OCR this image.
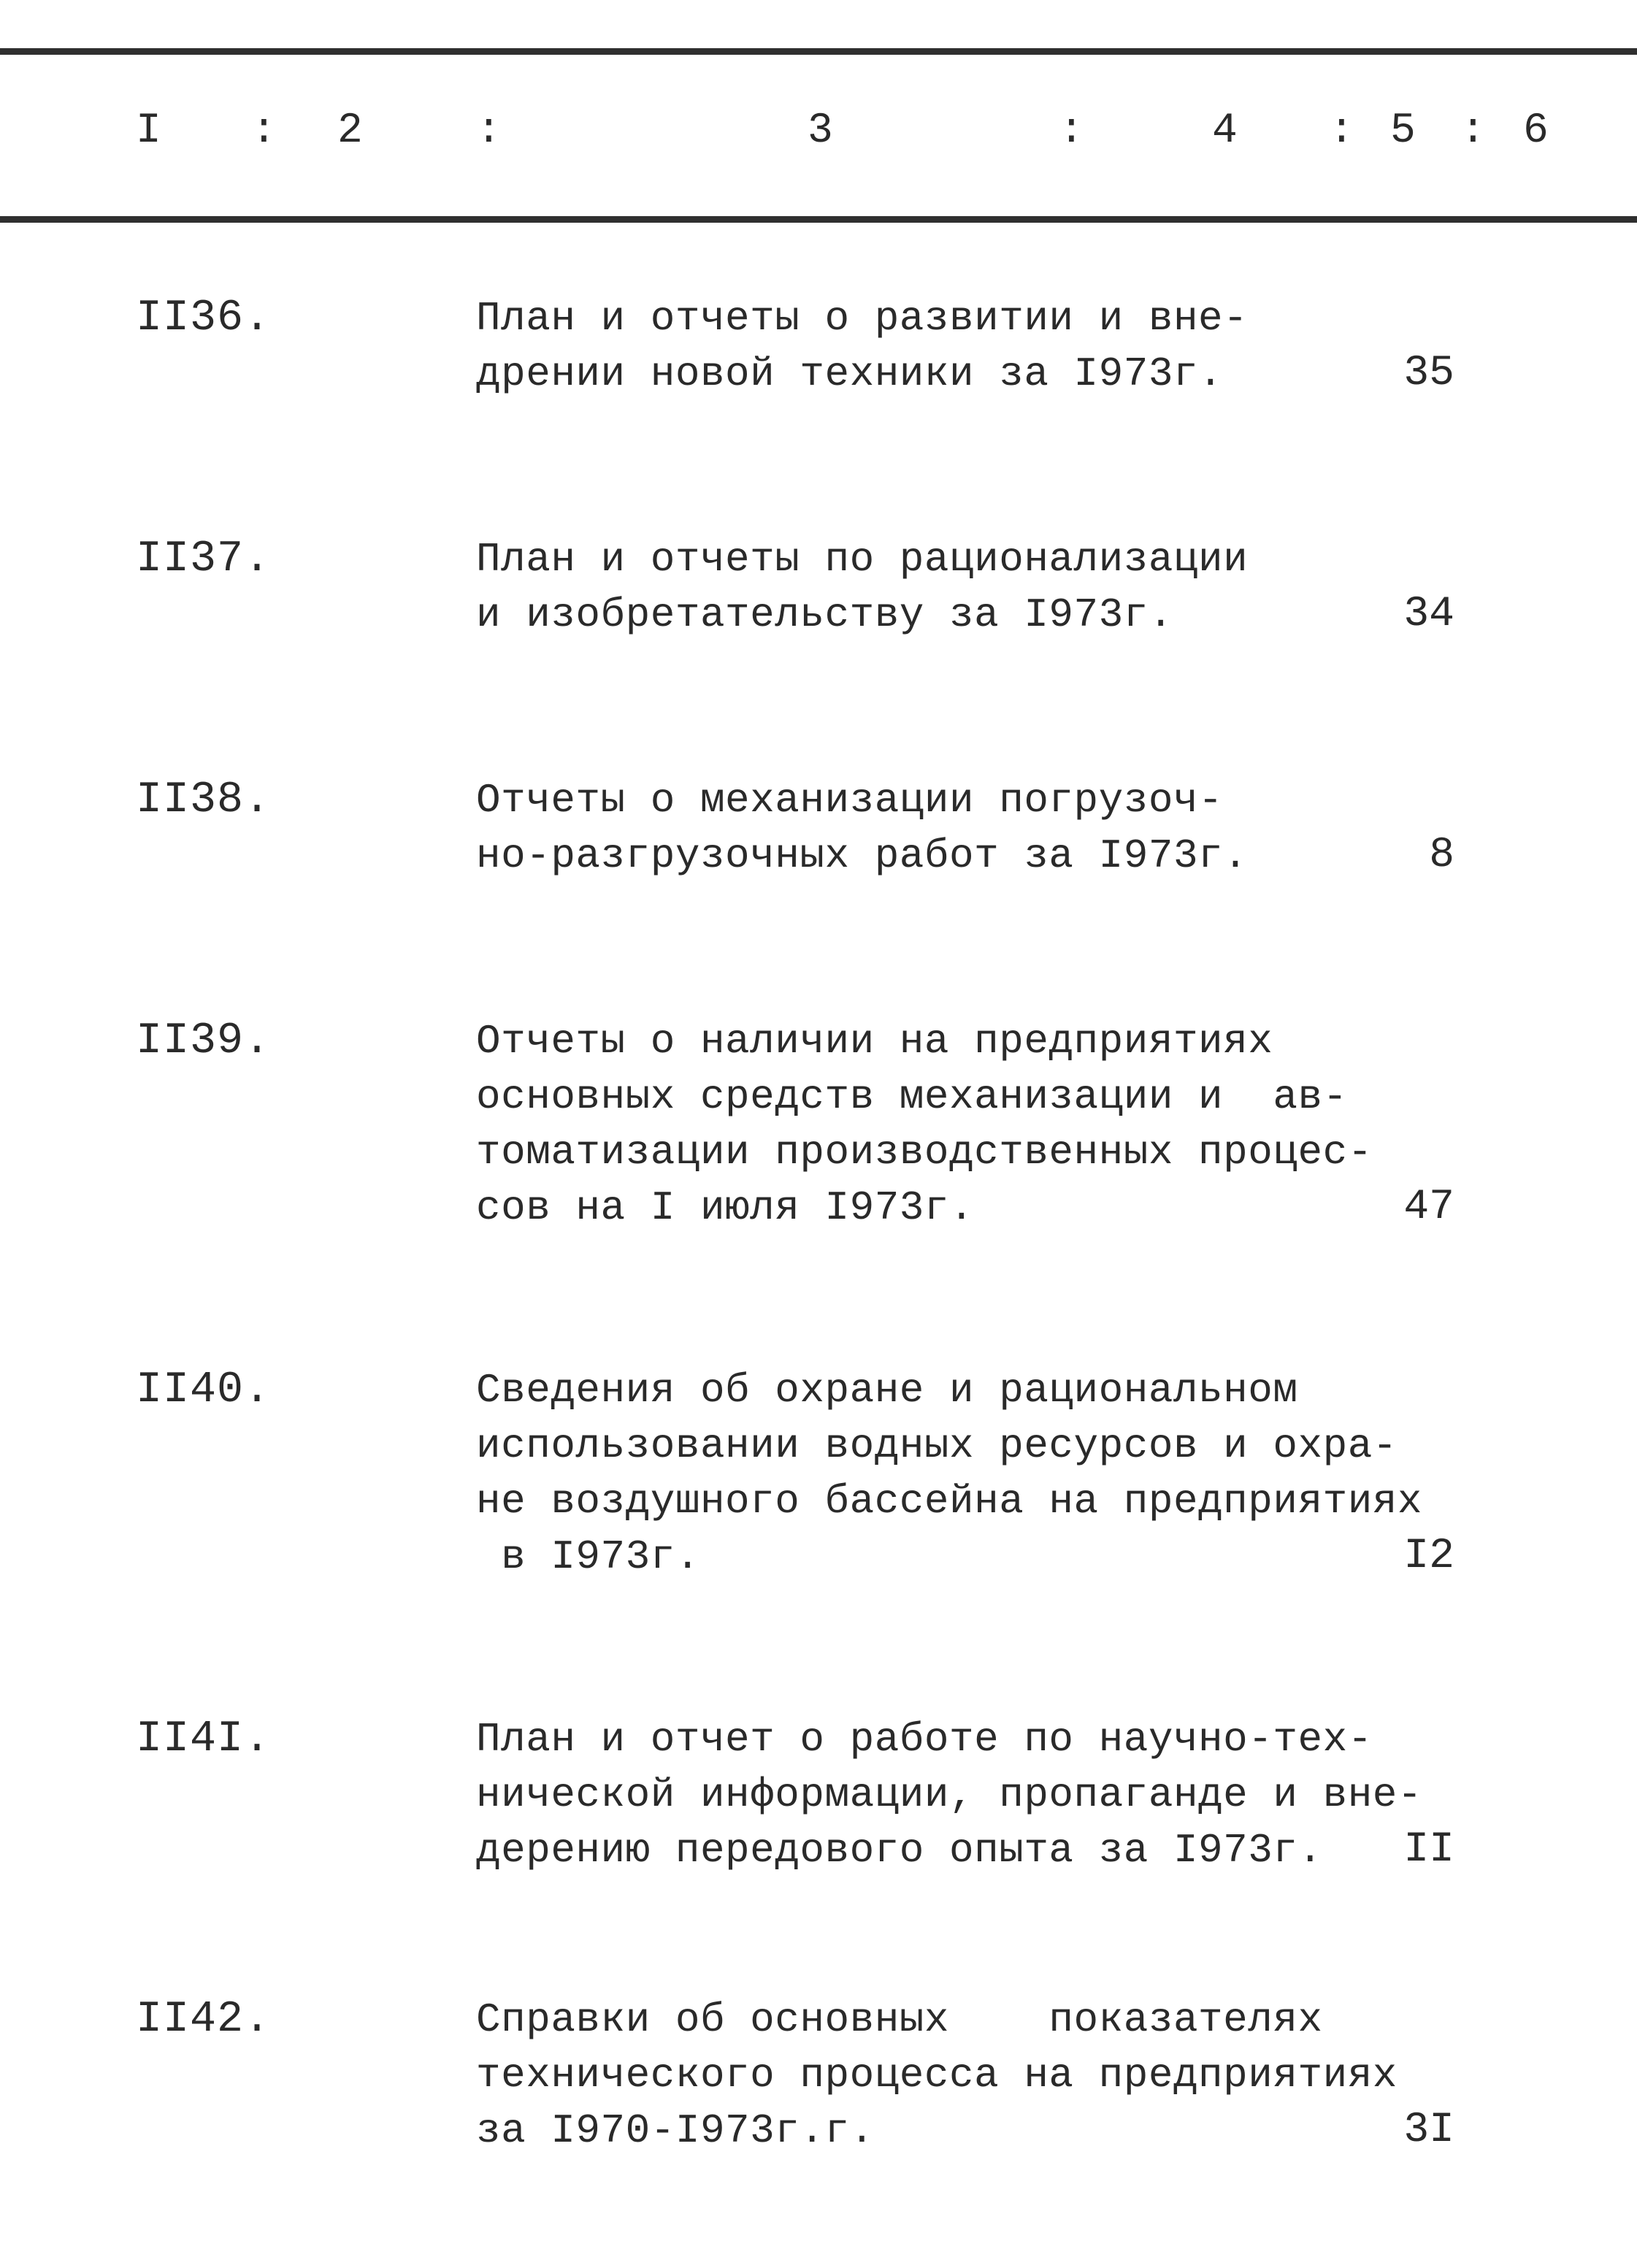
I : 2	:	3	:	4 : 5 : 6
II36.	План и отчеты о развитии и вне-
дрении новой техники за I973г.	35
II37.	План и отчеты по рационализации
и изобретательству за I973г.	34
II38.	Отчеты о механизации погрузоч-
но-разгрузочных работ за I973г.	8
II39.	Отчеты о наличии на предприятиях
основных средств механизации и  ав-
томатизации производственных процес-
сов на I июля I973г.	47
II40.	Сведения об охране и рациональном
использовании водных ресурсов и охра-
не воздушного бассейна на предприятиях
в I973г.	I2
II4I.	План и отчет о работе по научно-тех-
нической информации, пропаганде и вне-
дерению передового опыта за I973г.	II
II42.	Справки об основных    показателях
технического процесса на предприятиях
за I970-I973г.г.	3I
